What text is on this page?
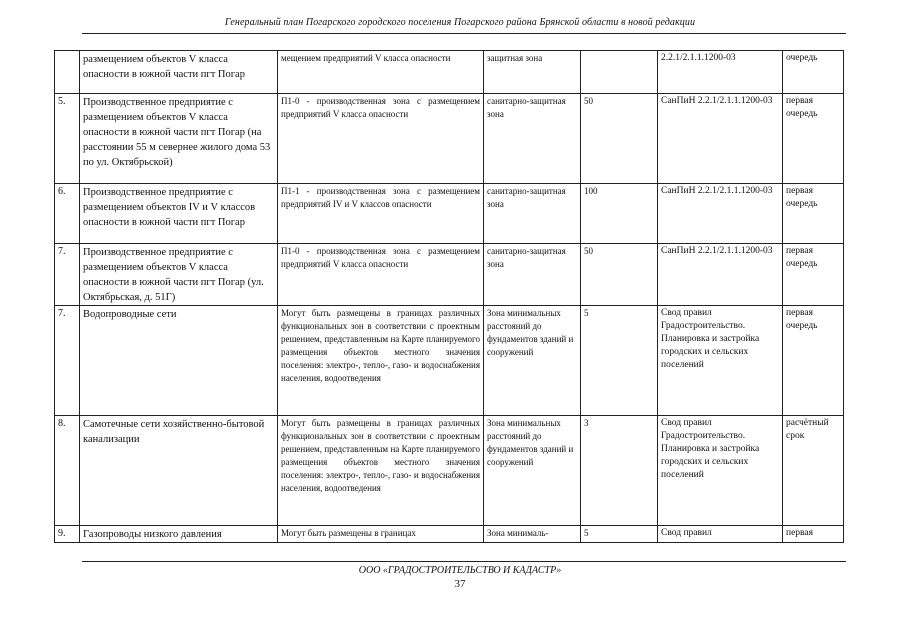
Генеральный план Погарского городского поселения Погарского района Брянской области в новой редакции
	размещением объектов V класса опасности в южной части пгт Погар	мещением предприятий V класса опасности	защитная зона		2.2.1/2.1.1.1200-03	очередь
5.	Производственное предприятие с размещением объектов V класса опасности в южной части пгт Погар (на расстоянии 55 м севернее жилого дома 53 по ул. Октябрьской)	П1-0 - производственная зона с размещением предприятий V класса опасности	санитарно-защитная зона	50	СанПиН 2.2.1/2.1.1.1200-03	первая очередь
6.	Производственное предприятие с размещением объектов IV и V классов опасности в южной части пгт Погар	П1-1 - производственная зона с размещением предприятий IV и V классов опасности	санитарно-защитная зона	100	СанПиН 2.2.1/2.1.1.1200-03	первая очередь
7.	Производственное предприятие с размещением объектов V класса опасности в южной части пгт Погар (ул. Октябрьская, д. 51Г)	П1-0 - производственная зона с размещением предприятий V класса опасности	санитарно-защитная зона	50	СанПиН 2.2.1/2.1.1.1200-03	первая очередь
7.	Водопроводные сети	Могут быть размещены в границах различных функциональных зон в соответствии с проектным решением, представленным на Карте планируемого размещения объектов местного значения поселения: электро-, тепло-, газо- и водоснабжения населения, водоотведения	Зона минимальных расстояний до фундаментов зданий и сооружений	5	Свод правил Градостроительство. Планировка и застройка городских и сельских поселений	первая очередь
8.	Самотечные сети хозяйственно-бытовой канализации	Могут быть размещены в границах различных функциональных зон в соответствии с проектным решением, представленным на Карте планируемого размещения объектов местного значения поселения: электро-, тепло-, газо- и водоснабжения населения, водоотведения	Зона минимальных расстояний до фундаментов зданий и сооружений	3	Свод правил Градостроительство. Планировка и застройка городских и сельских поселений	расчётный срок
9.	Газопроводы низкого давления	Могут быть размещены в границах	Зона минималь-	5	Свод правил	первая
ООО «ГРАДОСТРОИТЕЛЬСТВО И КАДАСТР»
37
